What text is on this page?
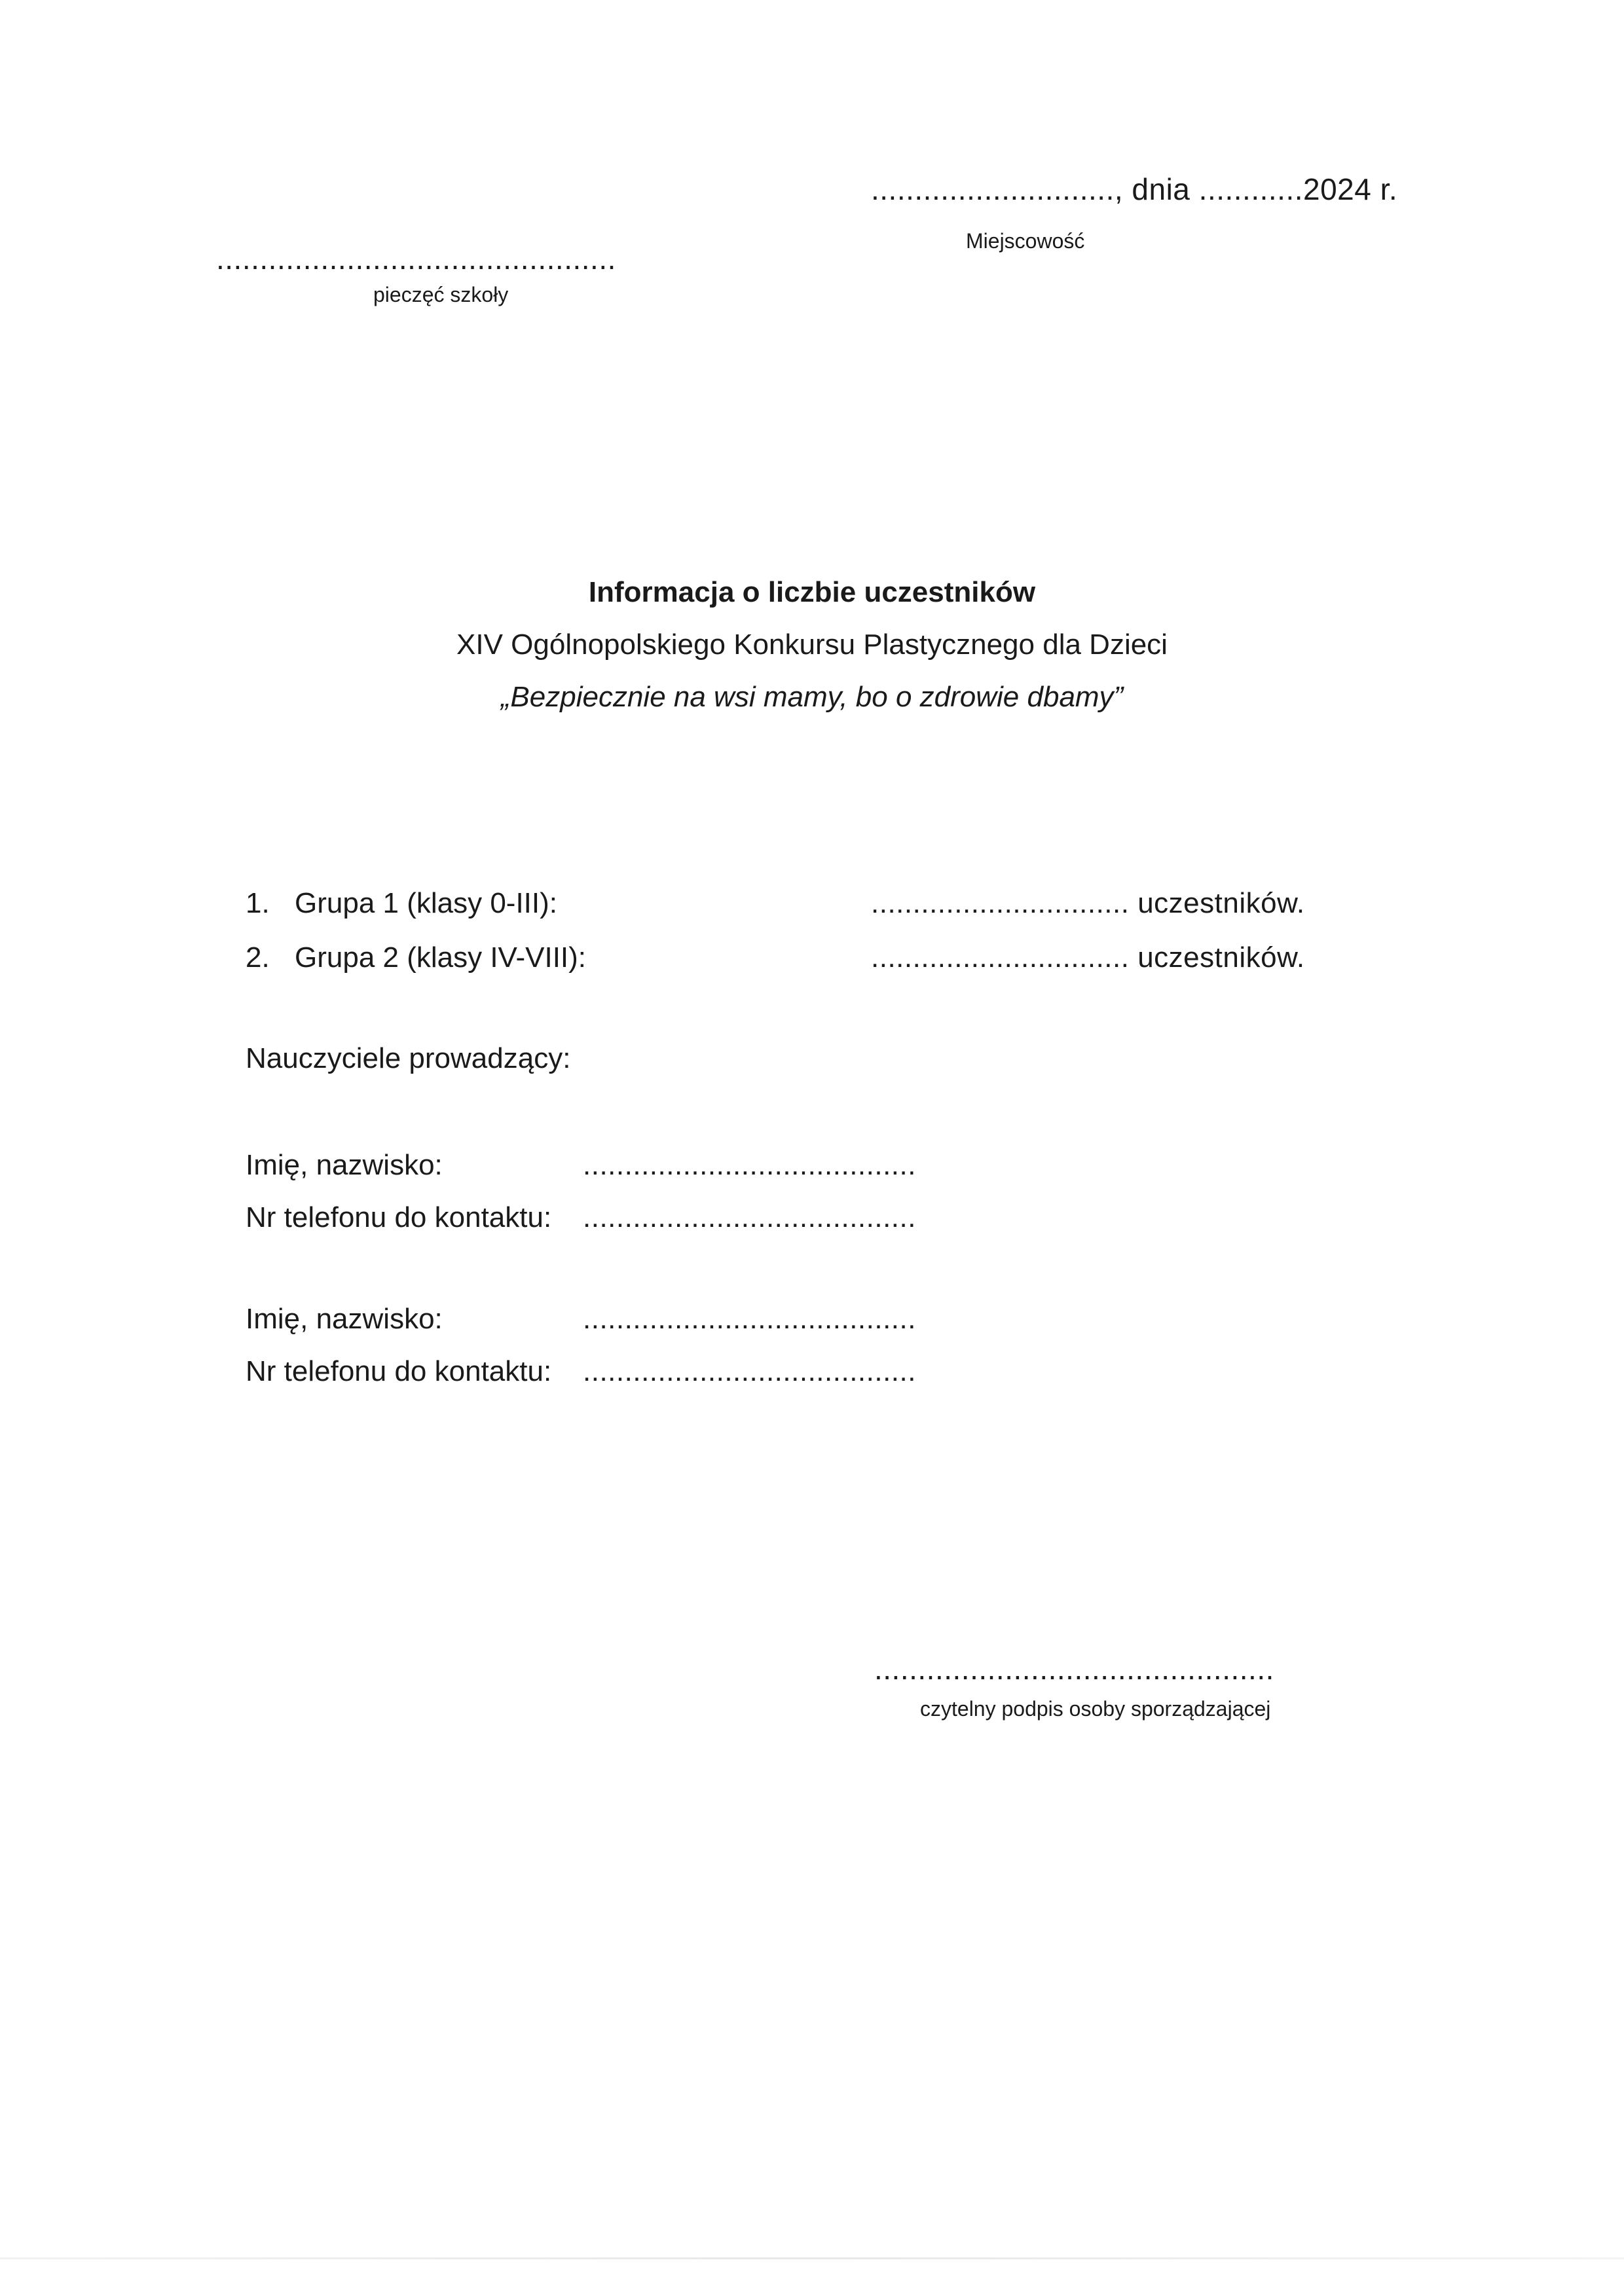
............................, dnia ............2024 r.
Miejscowość
..............................................
pieczęć szkoły
Informacja o liczbie uczestników
XIV Ogólnopolskiego Konkursu Plastycznego dla Dzieci
„Bezpiecznie na wsi mamy, bo o zdrowie dbamy”
1. Grupa 1 (klasy 0-III):	............................... uczestników.
2. Grupa 2 (klasy IV-VIII):	............................... uczestników.
Nauczyciele prowadzący:
Imię, nazwisko:	........................................
Nr telefonu do kontaktu: ........................................
Imię, nazwisko:	........................................
Nr telefonu do kontaktu: ........................................
..............................................
czytelny podpis osoby sporządzającej
